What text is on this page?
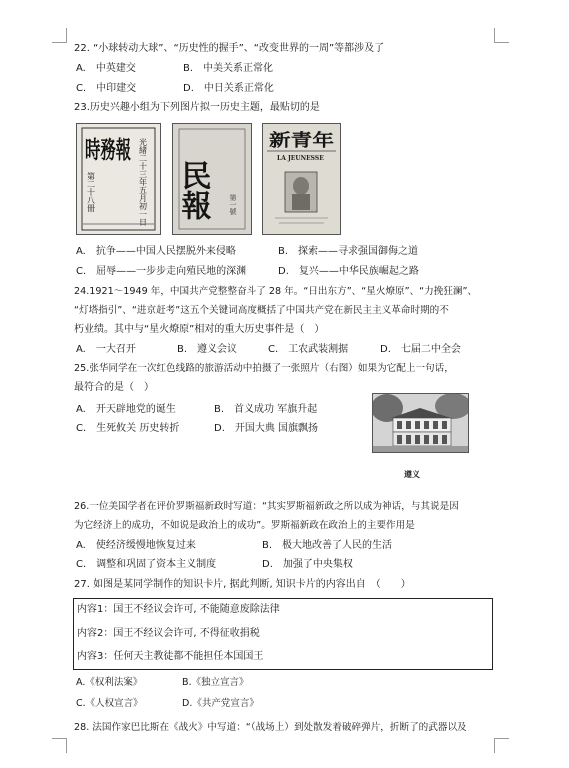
22. “小球转动大球”、“历史性的握手”、“改变世界的一周”等都涉及了
A.　中英建交	B.　中美关系正常化
C.　中印建交	D.　中日关系正常化
23.历史兴趣小组为下列图片拟一历史主题，最贴切的是
時務報 光緒二十三年五月初一日
第二十八冊	民報	第一號
新青年
LA JEUNESSE
A.　抗争——中国人民摆脱外来侵略	B.　探索——寻求强国御侮之道
C.　屈辱——一步步走向殖民地的深渊	D.　复兴——中华民族崛起之路
24.1921～1949 年，中国共产党整整奋斗了 28 年。“日出东方”、“星火燎原”、“力挽狂澜”、
“灯塔指引”、“进京赶考”这五个关键词高度概括了中国共产党在新民主主义革命时期的不
朽业绩。其中与“星火燎原”相对的重大历史事件是（　）
A.　一大召开	B.　遵义会议	C.　工农武装割据	D.　七届二中全会
25.张华同学在一次红色线路的旅游活动中拍摄了一张照片（右图）如果为它配上一句话，
最符合的是（　）
A.　开天辟地党的诞生	B.　首义成功 军旗升起
C.　生死攸关 历史转折	D.　开国大典 国旗飘扬
遵义
26.一位美国学者在评价罗斯福新政时写道：“其实罗斯福新政之所以成为神话，与其说是因
为它经济上的成功，不如说是政治上的成功”。罗斯福新政在政治上的主要作用是
A.　使经济缓慢地恢复过来	B.　极大地改善了人民的生活
C.　调整和巩固了资本主义制度	D.　加强了中央集权
27. 如图是某同学制作的知识卡片, 据此判断, 知识卡片的内容出自　（　　）
内容1：国王不经议会许可, 不能随意废除法律
内容2：国王不经议会许可, 不得征收捐税
内容3：任何天主教徒都不能担任本国国王
A.《权利法案》	B.《独立宣言》
C.《人权宣言》	D.《共产党宣言》
28. 法国作家巴比斯在《战火》中写道：“（战场上）到处散发着破碎弹片，折断了的武器以及
